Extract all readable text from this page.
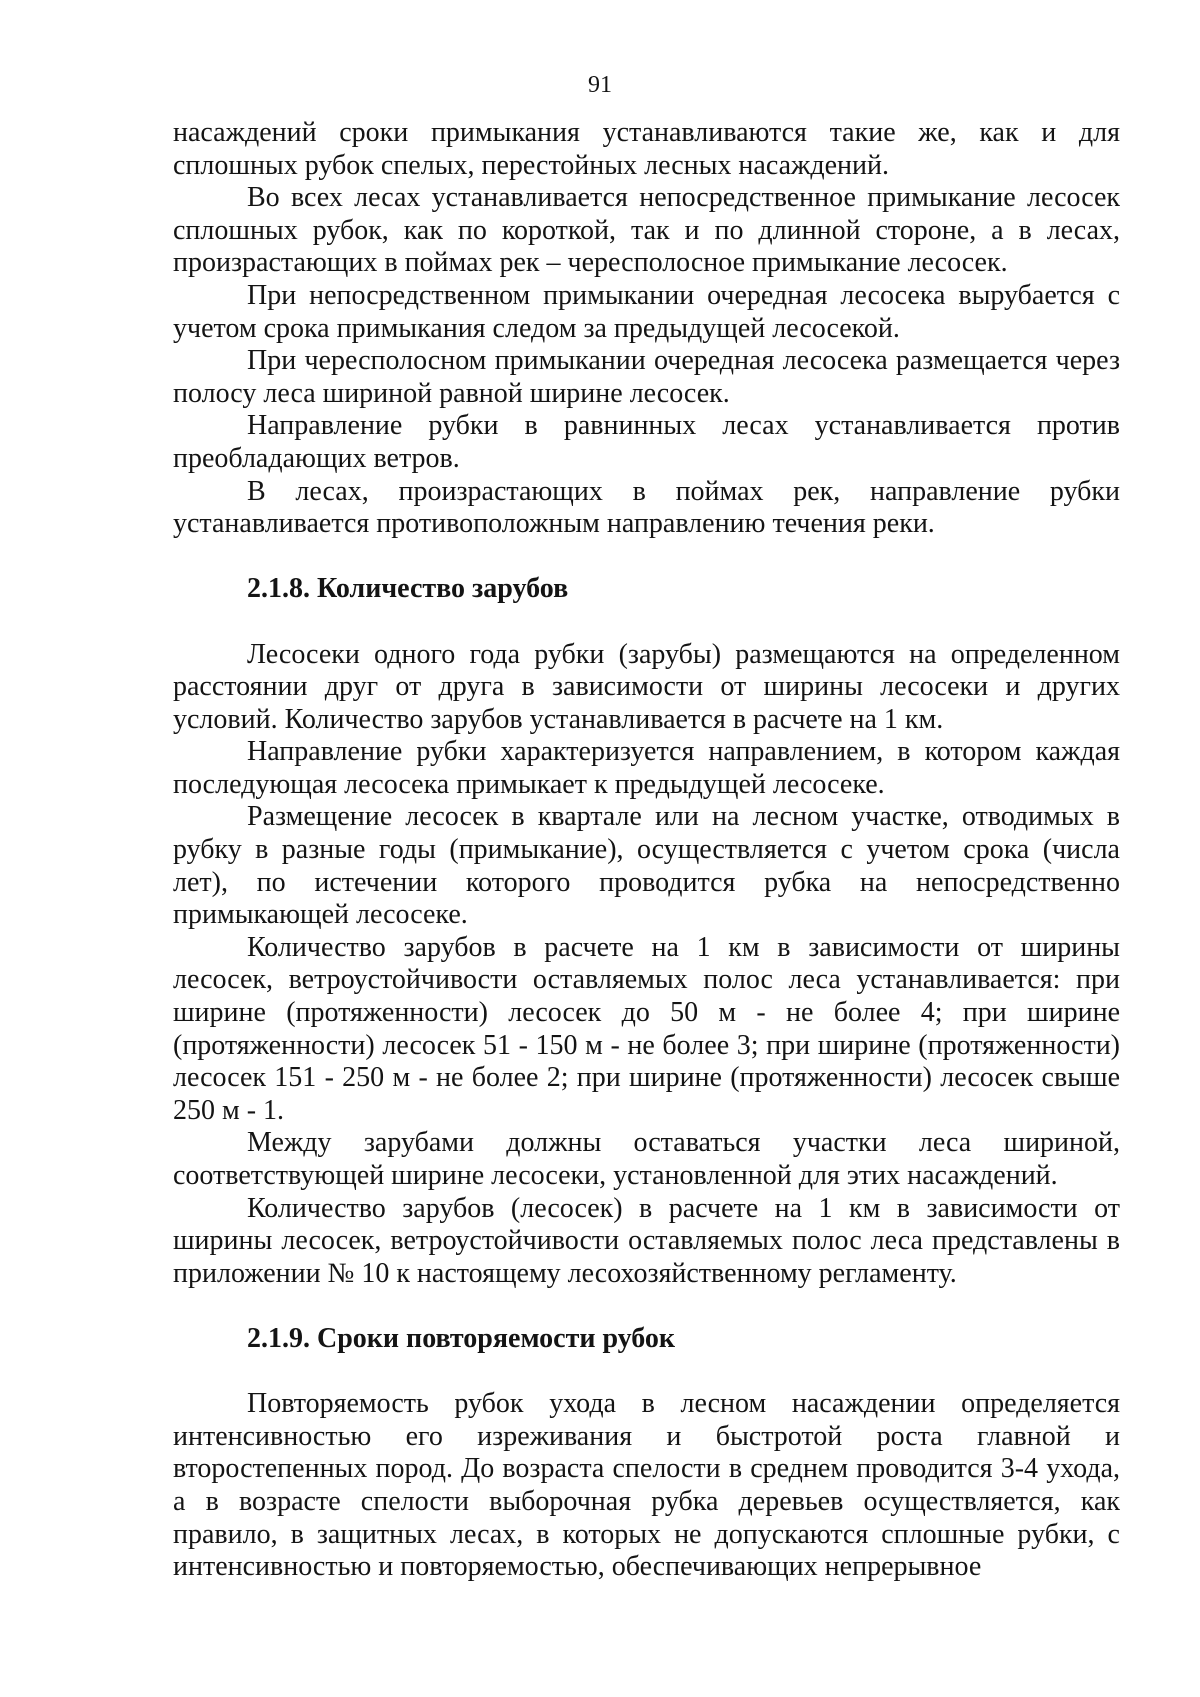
91

насаждений сроки примыкания устанавливаются такие же, как и для сплошных рубок спелых, перестойных лесных насаждений.

Во всех лесах устанавливается непосредственное примыкание лесосек сплошных рубок, как по короткой, так и по длинной стороне, а в лесах, произрастающих в поймах рек – чересполосное примыкание лесосек.

При непосредственном примыкании очередная лесосека вырубается с учетом срока примыкания следом за предыдущей лесосекой.

При чересполосном примыкании очередная лесосека размещается через полосу леса шириной равной ширине лесосек.

Направление рубки в равнинных лесах устанавливается против преобладающих ветров.

В лесах, произрастающих в поймах рек, направление рубки устанавливается противоположным направлению течения реки.

2.1.8. Количество зарубов

Лесосеки одного года рубки (зарубы) размещаются на определенном расстоянии друг от друга в зависимости от ширины лесосеки и других условий. Количество зарубов устанавливается в расчете на 1 км.

Направление рубки характеризуется направлением, в котором каждая последующая лесосека примыкает к предыдущей лесосеке.

Размещение лесосек в квартале или на лесном участке, отводимых в рубку в разные годы (примыкание), осуществляется с учетом срока (числа лет), по истечении которого проводится рубка на непосредственно примыкающей лесосеке.

Количество зарубов в расчете на 1 км в зависимости от ширины лесосек, ветроустойчивости оставляемых полос леса устанавливается: при ширине (протяженности) лесосек до 50 м - не более 4; при ширине (протяженности) лесосек 51 - 150 м - не более 3; при ширине (протяженности) лесосек 151 - 250 м - не более 2; при ширине (протяженности) лесосек свыше 250 м - 1.

Между зарубами должны оставаться участки леса шириной, соответствующей ширине лесосеки, установленной для этих насаждений.

Количество зарубов (лесосек) в расчете на 1 км в зависимости от ширины лесосек, ветроустойчивости оставляемых полос леса представлены в приложении № 10 к настоящему лесохозяйственному регламенту.

2.1.9. Сроки повторяемости рубок

Повторяемость рубок ухода в лесном насаждении определяется интенсивностью его изреживания и быстротой роста главной и второстепенных пород. До возраста спелости в среднем проводится 3-4 ухода, а в возрасте спелости выборочная рубка деревьев осуществляется, как правило, в защитных лесах, в которых не допускаются сплошные рубки, с интенсивностью и повторяемостью, обеспечивающих непрерывное
